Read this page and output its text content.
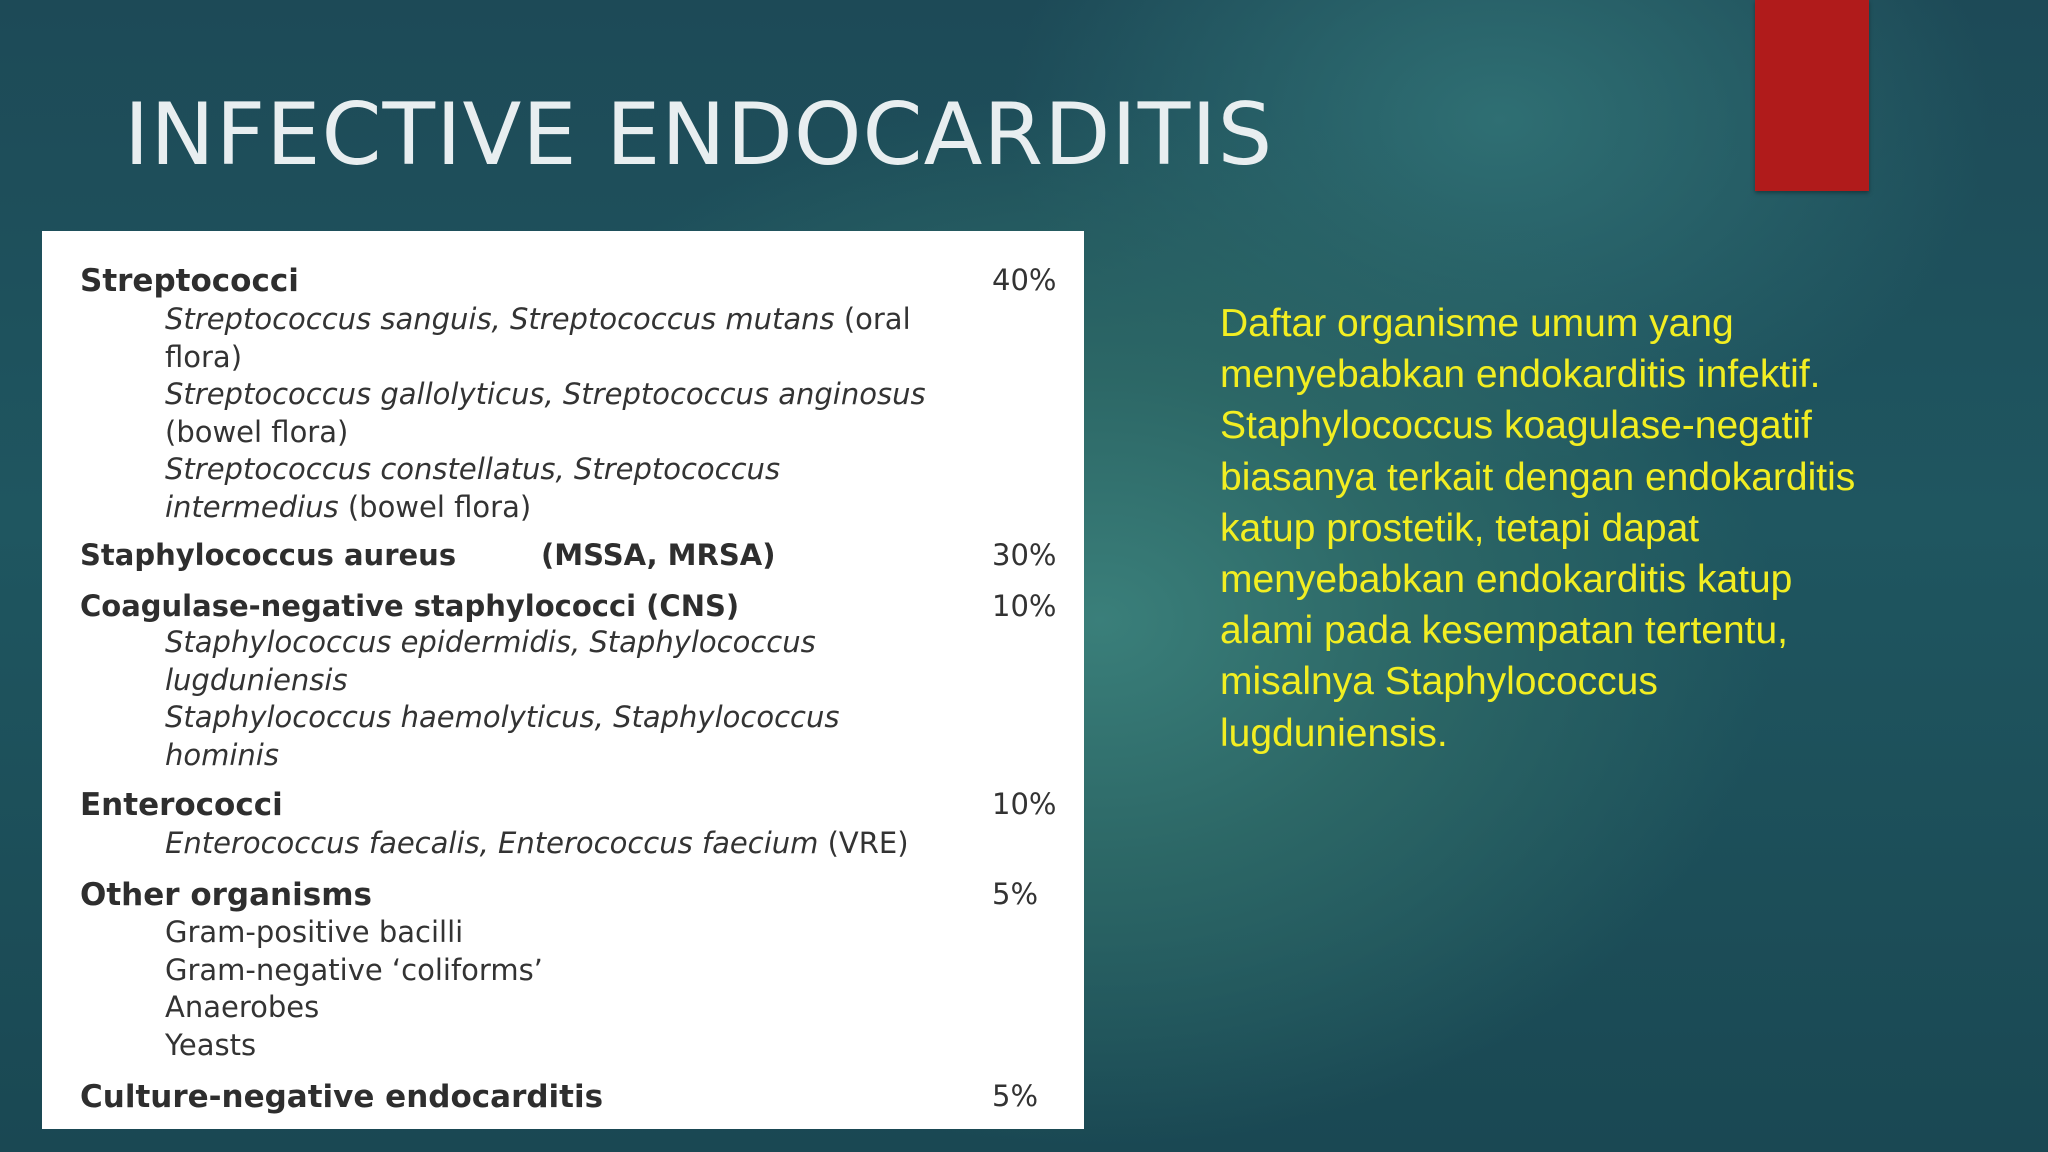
INFECTIVE ENDOCARDITIS
Streptococci	40%
Streptococcus sanguis, Streptococcus mutans (oral
flora)
Streptococcus gallolyticus, Streptococcus anginosus
(bowel flora)
Streptococcus constellatus, Streptococcus
intermedius (bowel flora)
Staphylococcus aureus	(MSSA, MRSA)	30%
Coagulase-negative staphylococci (CNS)	10%
Staphylococcus epidermidis, Staphylococcus
lugduniensis
Staphylococcus haemolyticus, Staphylococcus
hominis
Enterococci	10%
Enterococcus faecalis, Enterococcus faecium (VRE)
Other organisms	5%
Gram-positive bacilli
Gram-negative ‘coliforms’
Anaerobes
Yeasts
Culture-negative endocarditis	5%

Daftar organisme umum yang

menyebabkan endokarditis infektif.

Staphylococcus koagulase-negatif

biasanya terkait dengan endokarditis

katup prostetik, tetapi dapat

menyebabkan endokarditis katup

alami pada kesempatan tertentu,

misalnya Staphylococcus

lugduniensis.
